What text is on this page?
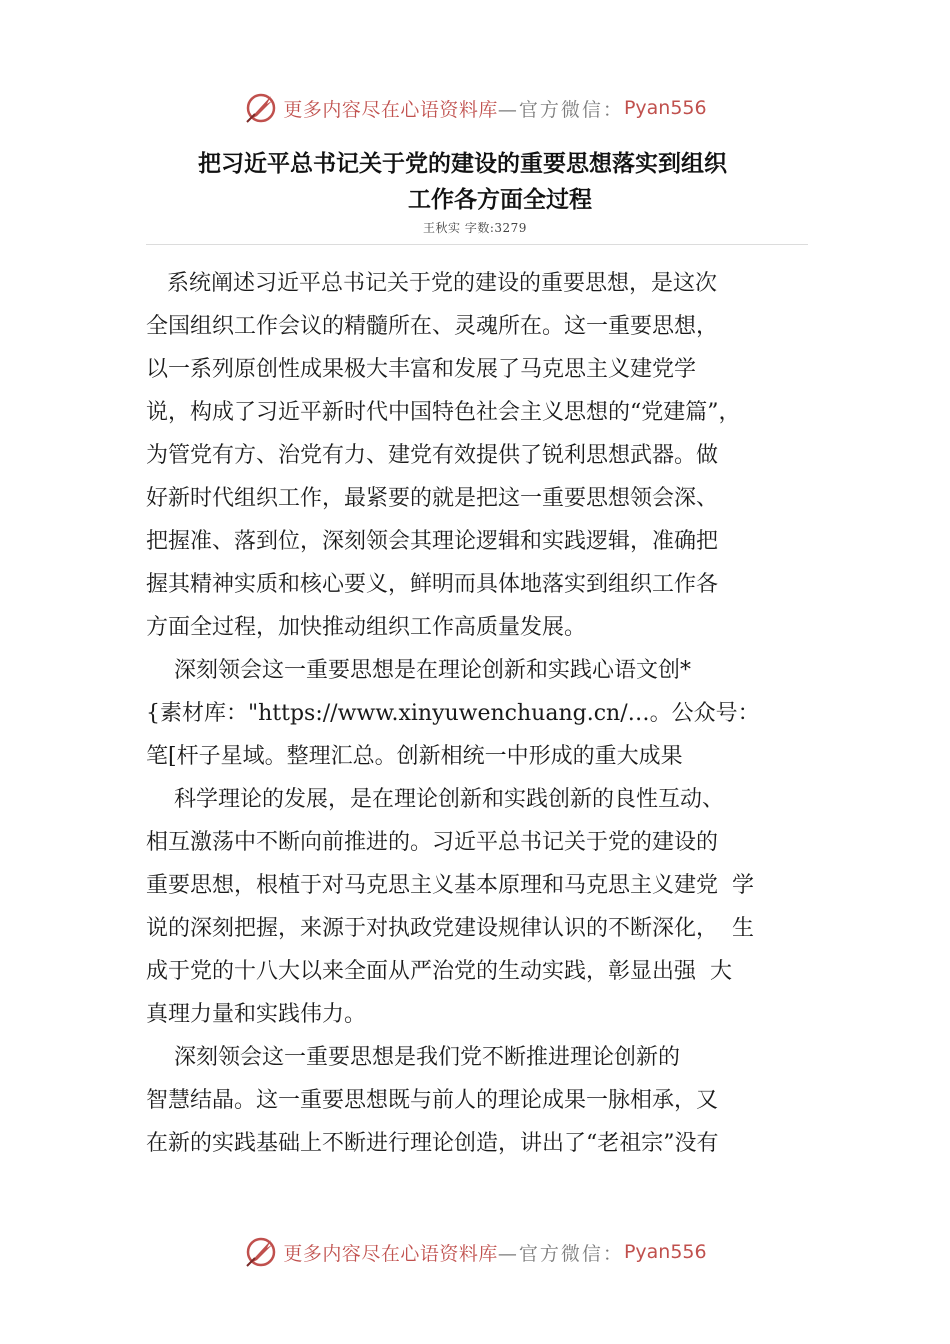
更多内容尽在心语资料库 —官方微信： Pyan556
把习近平总书记关于党的建设的重要思想落实到组织
工作各方面全过程
王秋实 字数:3279
系统阐述习近平总书记关于党的建设的重要思想，是这次
全国组织工作会议的精髓所在、灵魂所在。这一重要思想，
以一系列原创性成果极大丰富和发展了马克思主义建党学
说，构成了习近平新时代中国特色社会主义思想的“党建篇”，
为管党有方、治党有力、建党有效提供了锐利思想武器。做
好新时代组织工作，最紧要的就是把这一重要思想领会深、
把握准、落到位，深刻领会其理论逻辑和实践逻辑，准确把
握其精神实质和核心要义，鲜明而具体地落实到组织工作各
方面全过程，加快推动组织工作高质量发展。
深刻领会这一重要思想是在理论创新和实践心语文创*
{素材库："https://www.xinyuwenchuang.cn/…。公众号：
笔[杆子星域。整理汇总。创新相统一中形成的重大成果
科学理论的发展，是在理论创新和实践创新的良性互动、
相互激荡中不断向前推进的。习近平总书记关于党的建设的
重要思想，根植于对马克思主义基本原理和马克思主义建党  学
说的深刻把握，来源于对执政党建设规律认识的不断深化，  生
成于党的十八大以来全面从严治党的生动实践，彰显出强  大
真理力量和实践伟力。
深刻领会这一重要思想是我们党不断推进理论创新的
智慧结晶。这一重要思想既与前人的理论成果一脉相承，又
在新的实践基础上不断进行理论创造，讲出了“老祖宗”没有
更多内容尽在心语资料库 —官方微信： Pyan556
